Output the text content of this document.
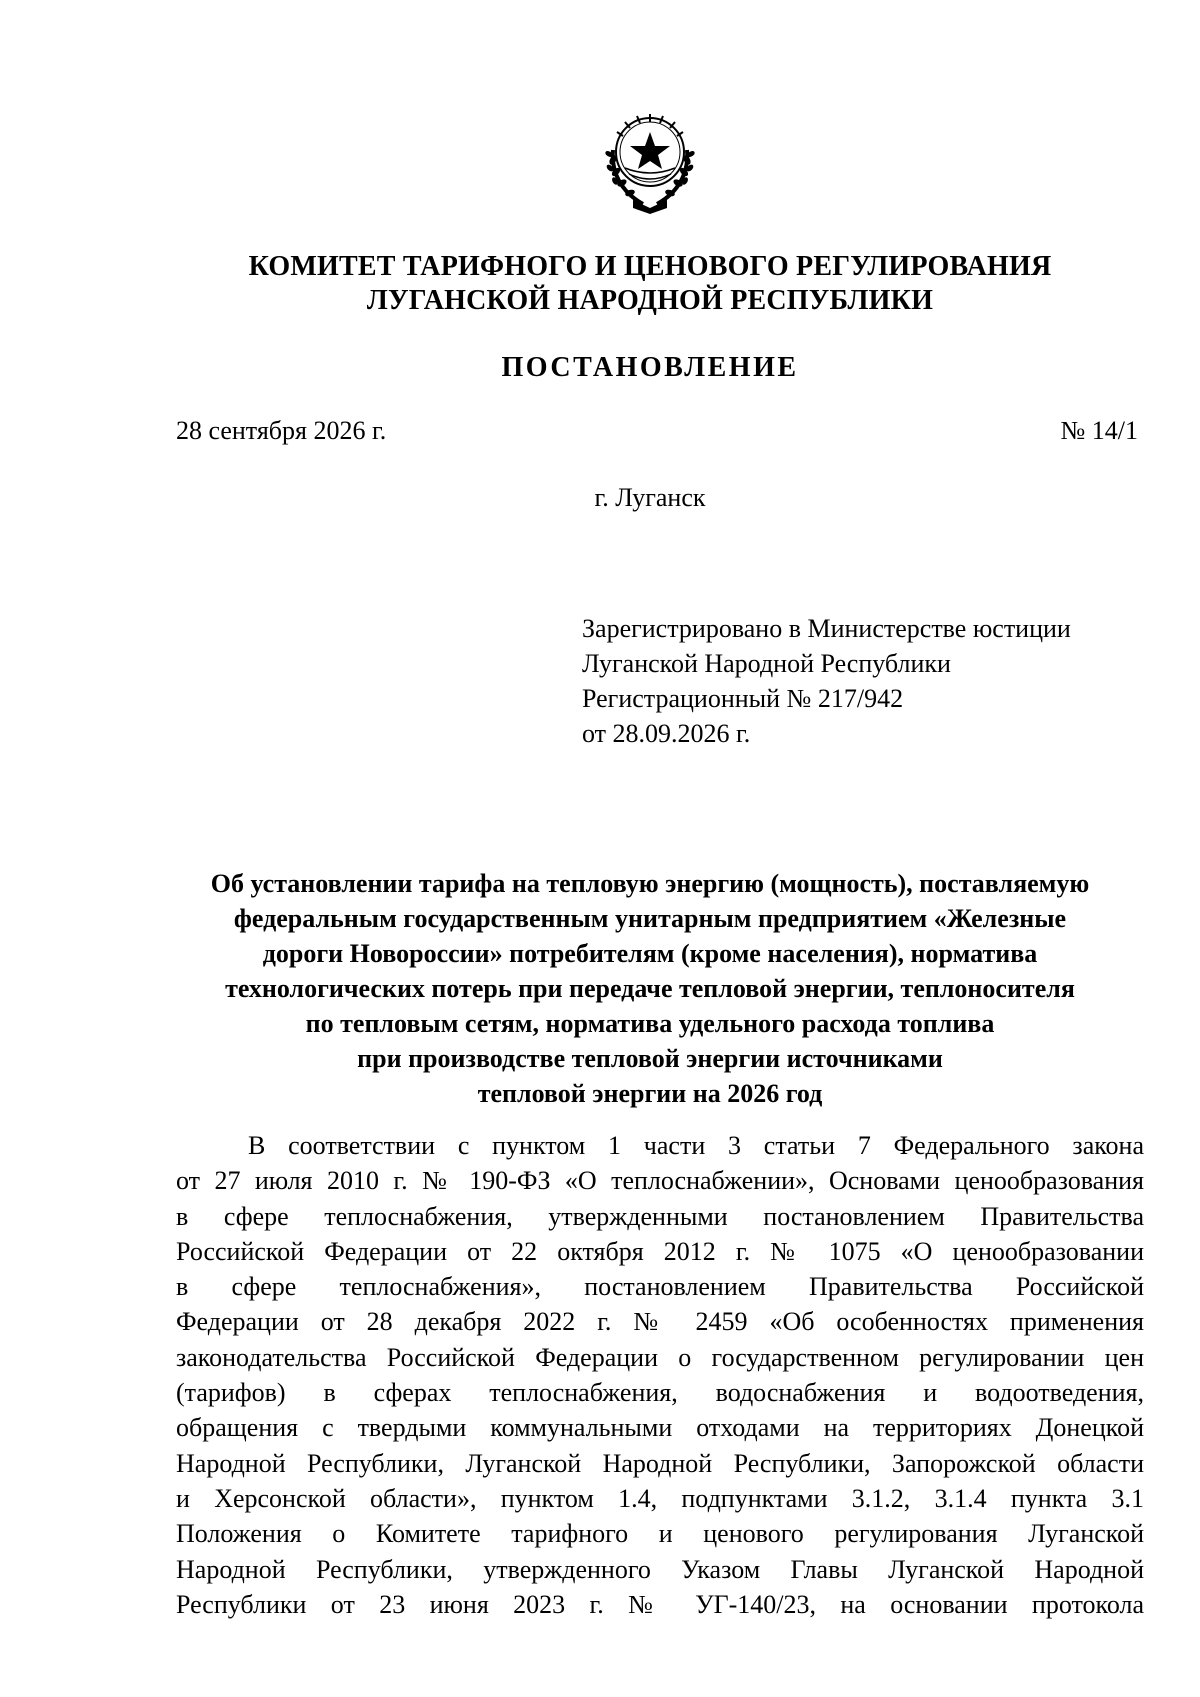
КОМИТЕТ ТАРИФНОГО И ЦЕНОВОГО РЕГУЛИРОВАНИЯ
ЛУГАНСКОЙ НАРОДНОЙ РЕСПУБЛИКИ
ПОСТАНОВЛЕНИЕ
28 сентября 2026 г.	№ 14/1
г. Луганск
Зарегистрировано в Министерстве юстиции
Луганской Народной Республики
Регистрационный № 217/942
от 28.09.2026 г.
Об установлении тарифа на тепловую энергию (мощность), поставляемую
федеральным государственным унитарным предприятием «Железные
дороги Новороссии» потребителям (кроме населения), норматива
технологических потерь при передаче тепловой энергии, теплоносителя
по тепловым сетям, норматива удельного расхода топлива
при производстве тепловой энергии источниками
тепловой энергии на 2026 год
В соответствии с пунктом 1 части 3 статьи 7 Федерального закона
от 27 июля 2010 г. № 190-ФЗ «О теплоснабжении», Основами ценообразования
в сфере теплоснабжения, утвержденными постановлением Правительства
Российской Федерации от 22 октября 2012 г. № 1075 «О ценообразовании
в сфере теплоснабжения», постановлением Правительства Российской
Федерации от 28 декабря 2022 г. № 2459 «Об особенностях применения
законодательства Российской Федерации о государственном регулировании цен
(тарифов) в сферах теплоснабжения, водоснабжения и водоотведения,
обращения с твердыми коммунальными отходами на территориях Донецкой
Народной Республики, Луганской Народной Республики, Запорожской области
и Херсонской области», пунктом 1.4, подпунктами 3.1.2, 3.1.4 пункта 3.1
Положения о Комитете тарифного и ценового регулирования Луганской
Народной Республики, утвержденного Указом Главы Луганской Народной
Республики от 23 июня 2023 г. № УГ-140/23, на основании протокола
